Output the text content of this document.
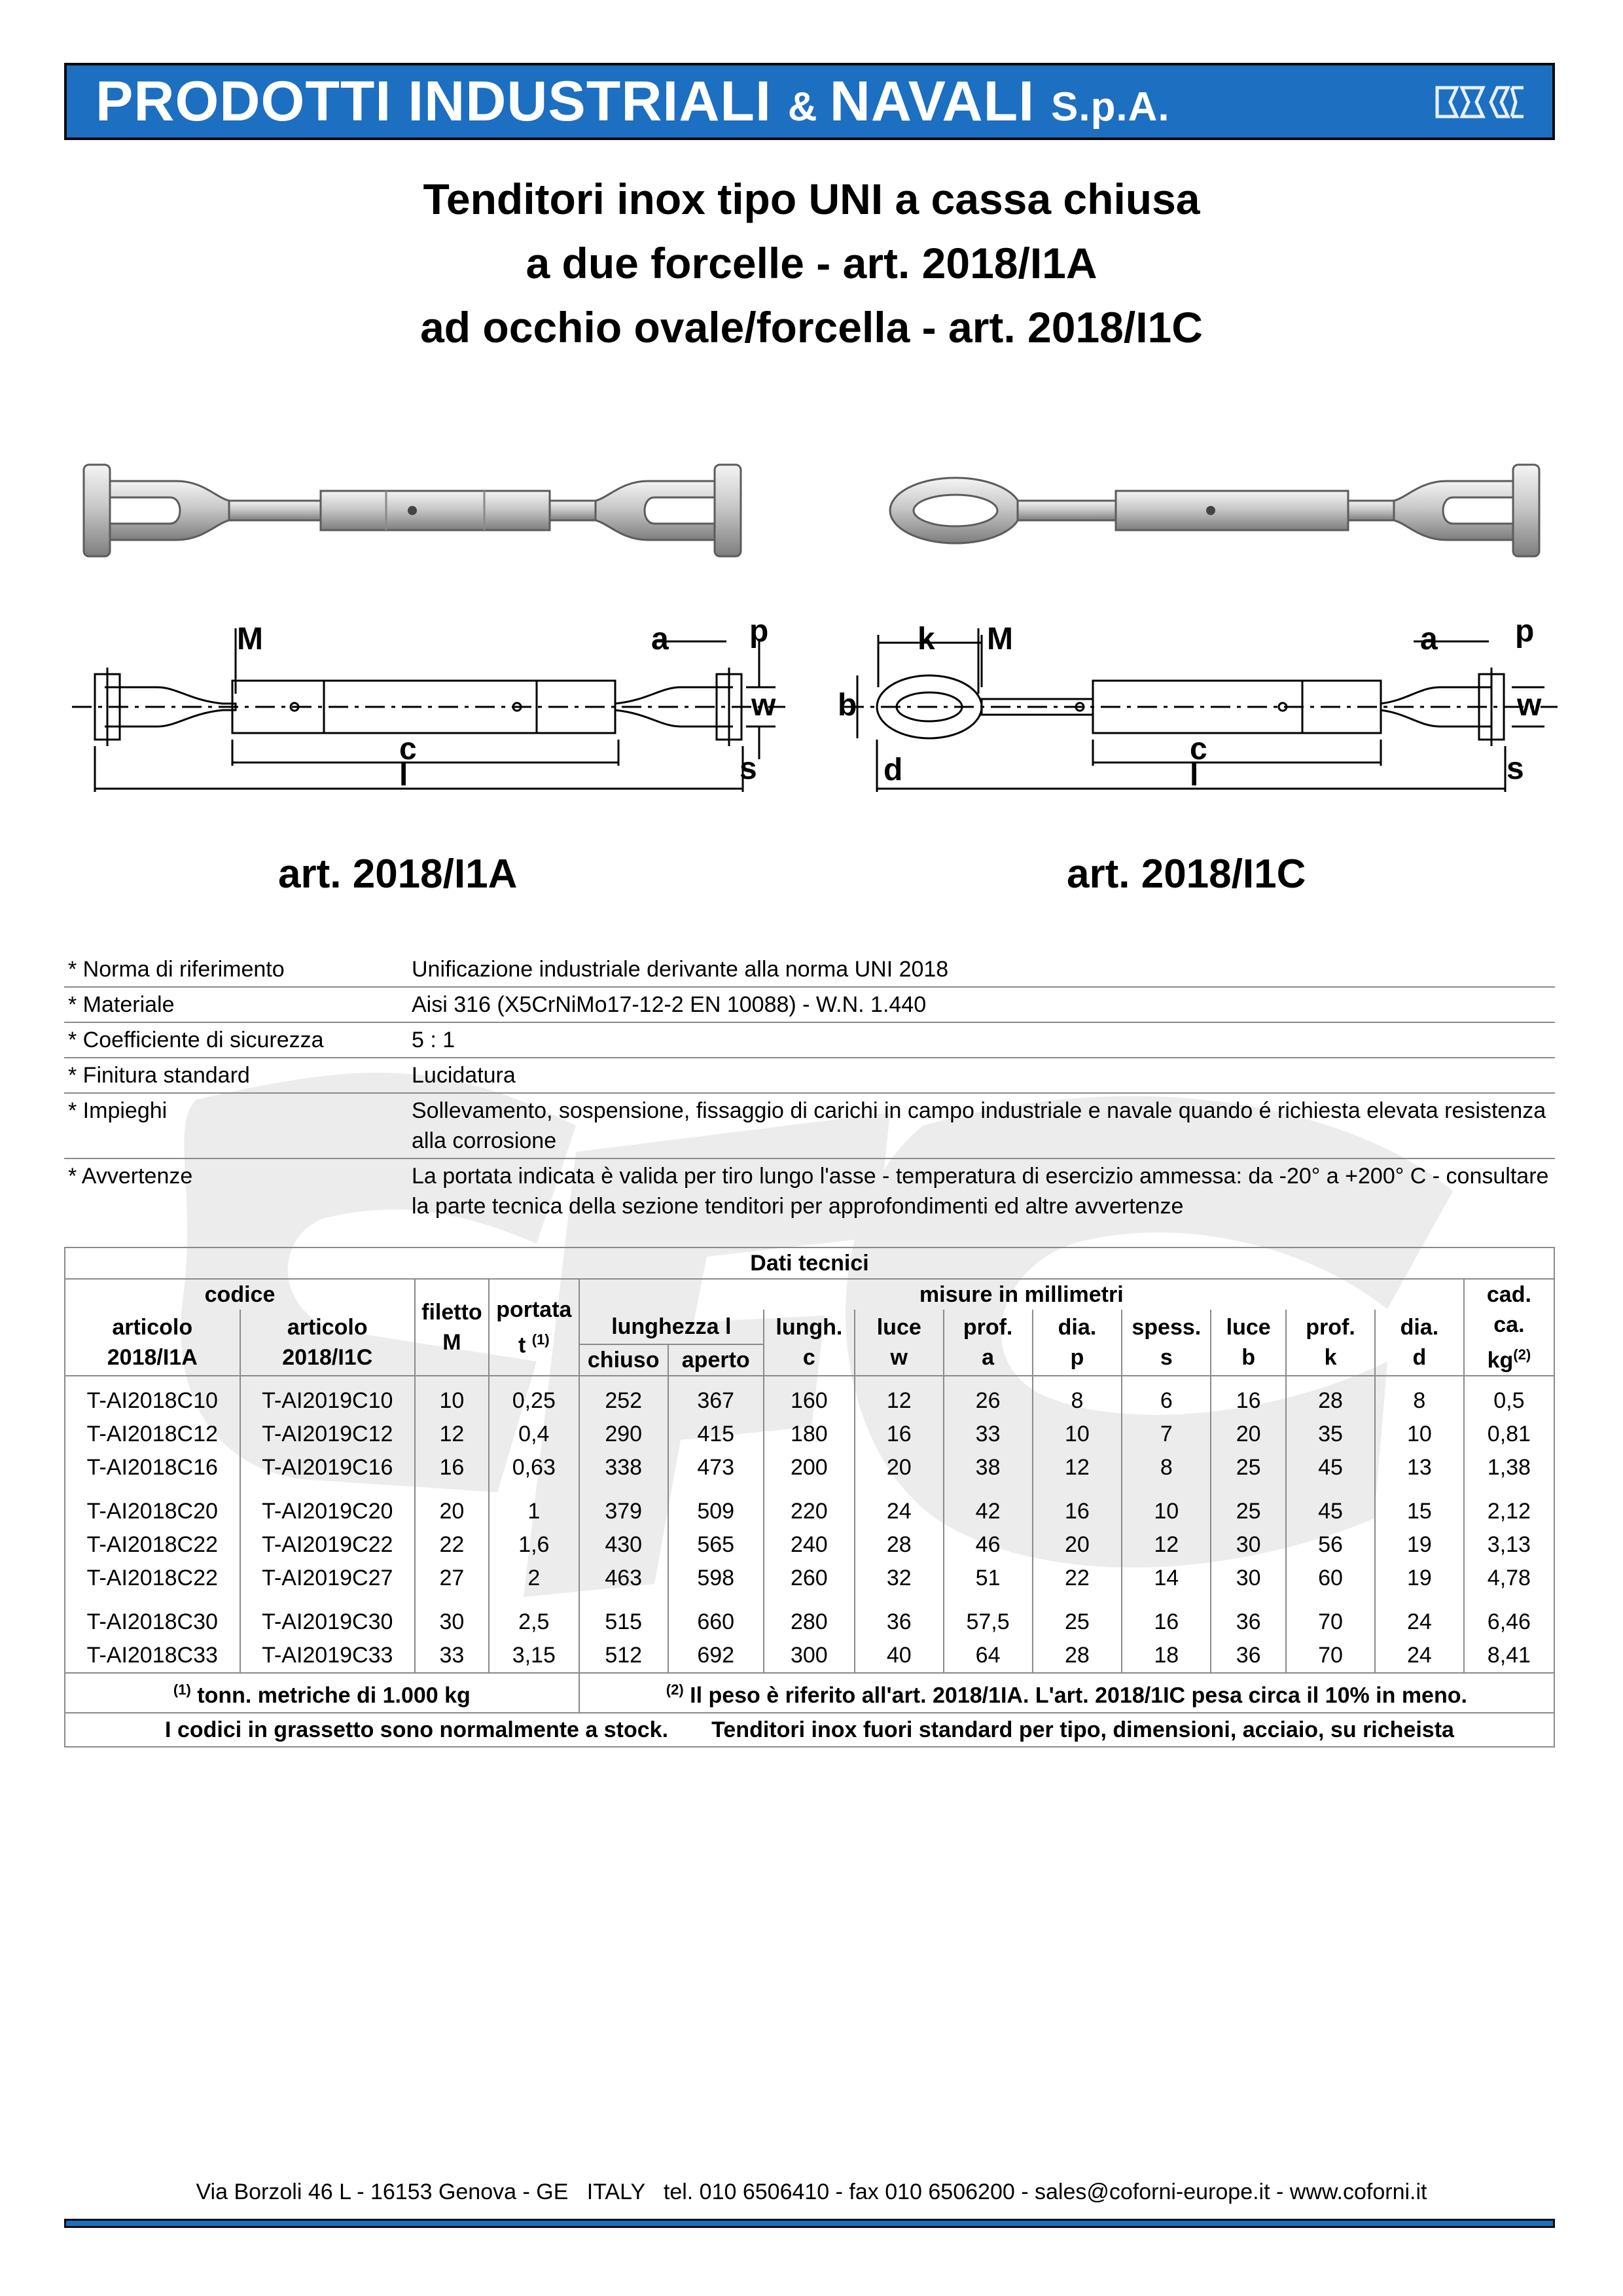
PRODOTTI INDUSTRIALI & NAVALI S.p.A.
Tenditori inox tipo UNI a cassa chiusa
a due forcelle - art. 2018/I1A
ad occhio ovale/forcella - art. 2018/I1C
M	a	p
w
s
c
l
k M	a p
b	w
d
c
l	s
art. 2018/I1A	art. 2018/I1C
* Norma di riferimento	Unificazione industriale derivante alla norma UNI 2018
* Materiale	Aisi 316 (X5CrNiMo17-12-2 EN 10088) - W.N. 1.440
* Coefficiente di sicurezza	5 : 1
* Finitura standard	Lucidatura
* Impieghi	Sollevamento, sospensione, fissaggio di carichi in campo industriale e navale quando é richiesta elevata resistenza alla corrosione
* Avvertenze	La portata indicata è valida per tiro lungo l'asse - temperatura di esercizio ammessa: da -20° a +200° C - consultare la parte tecnica della sezione tenditori per approfondimenti ed altre avvertenze
Dati tecnici														
codice		filetto
M	portata
t $^{(1)}$	misure in millimetri										cad.
ca.
$kg^{(2)}$
articolo
2018/I1A	articolo
2018/I1C			lunghezza l		lungh.
c	luce
w	prof.
a	dia.
p	spess.
s	luce
b	prof.
k	dia.
d	
				chiuso	aperto									
T-AI2018C10	T-AI2019C10	10	0,25	252	367	160	12	26	8	6	16	28	8	0,5
T-AI2018C12	T-AI2019C12	12	0,4	290	415	180	16	33	10	7	20	35	10	0,81
T-AI2018C16	T-AI2019C16	16	0,63	338	473	200	20	38	12	8	25	45	13	1,38
T-AI2018C20	T-AI2019C20	20	1	379	509	220	24	42	16	10	25	45	15	2,12
T-AI2018C22	T-AI2019C22	22	1,6	430	565	240	28	46	20	12	30	56	19	3,13
T-AI2018C22	T-AI2019C27	27	2	463	598	260	32	51	22	14	30	60	19	4,78
T-AI2018C30	T-AI2019C30	30	2,5	515	660	280	36	57,5	25	16	36	70	24	6,46
T-AI2018C33	T-AI2019C33	33	3,15	512	692	300	40	64	28	18	36	70	24	8,41
$^{(1)}$ tonn. metriche di 1.000 kg				$^{(2)}$ Il peso è riferito all'art. 2018/1IA. L'art. 2018/1IC pesa circa il 10% in meno.										
I codici in grassetto sono normalmente a stock. Tenditori inox fuori standard per tipo, dimensioni, acciaio, su richeista														
Via Borzoli 46 L - 16153 Genova - GE   ITALY   tel. 010 6506410 - fax 010 6506200 - sales@coforni-europe.it - www.coforni.it
